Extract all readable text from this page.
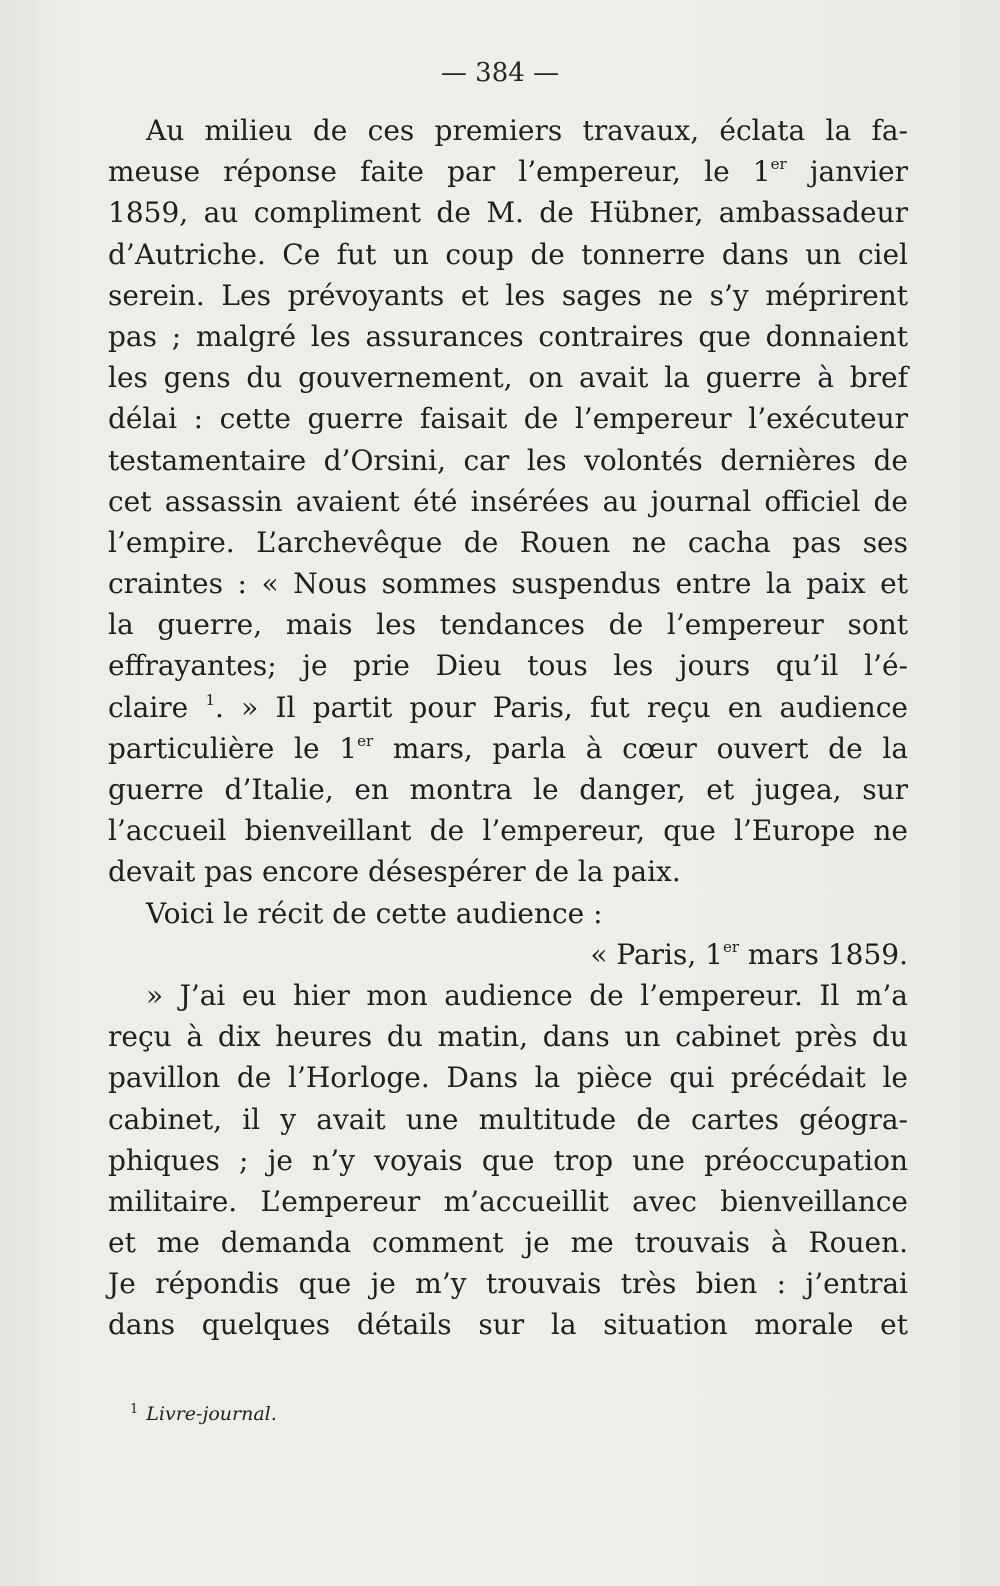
— 384 —
Au milieu de ces premiers travaux, éclata la fa-
meuse réponse faite par l’empereur, le 1er janvier
1859, au compliment de M. de Hübner, ambassadeur
d’Autriche. Ce fut un coup de tonnerre dans un ciel
serein. Les prévoyants et les sages ne s’y méprirent
pas ; malgré les assurances contraires que donnaient
les gens du gouvernement, on avait la guerre à bref
délai : cette guerre faisait de l’empereur l’exécuteur
testamentaire d’Orsini, car les volontés dernières de
cet assassin avaient été insérées au journal officiel de
l’empire. L’archevêque de Rouen ne cacha pas ses
craintes : « Nous sommes suspendus entre la paix et
la guerre, mais les tendances de l’empereur sont
effrayantes; je prie Dieu tous les jours qu’il l’é-
claire $^1$. » Il partit pour Paris, fut reçu en audience
particulière le 1er mars, parla à cœur ouvert de la
guerre d’Italie, en montra le danger, et jugea, sur
l’accueil bienveillant de l’empereur, que l’Europe ne
devait pas encore désespérer de la paix.
Voici le récit de cette audience :
« Paris, 1er mars 1859.
» J’ai eu hier mon audience de l’empereur. Il m’a
reçu à dix heures du matin, dans un cabinet près du
pavillon de l’Horloge. Dans la pièce qui précédait le
cabinet, il y avait une multitude de cartes géogra-
phiques ; je n’y voyais que trop une préoccupation
militaire. L’empereur m’accueillit avec bienveillance
et me demanda comment je me trouvais à Rouen.
Je répondis que je m’y trouvais très bien : j’entrai
dans quelques détails sur la situation morale et
$^1$ Livre-journal.
